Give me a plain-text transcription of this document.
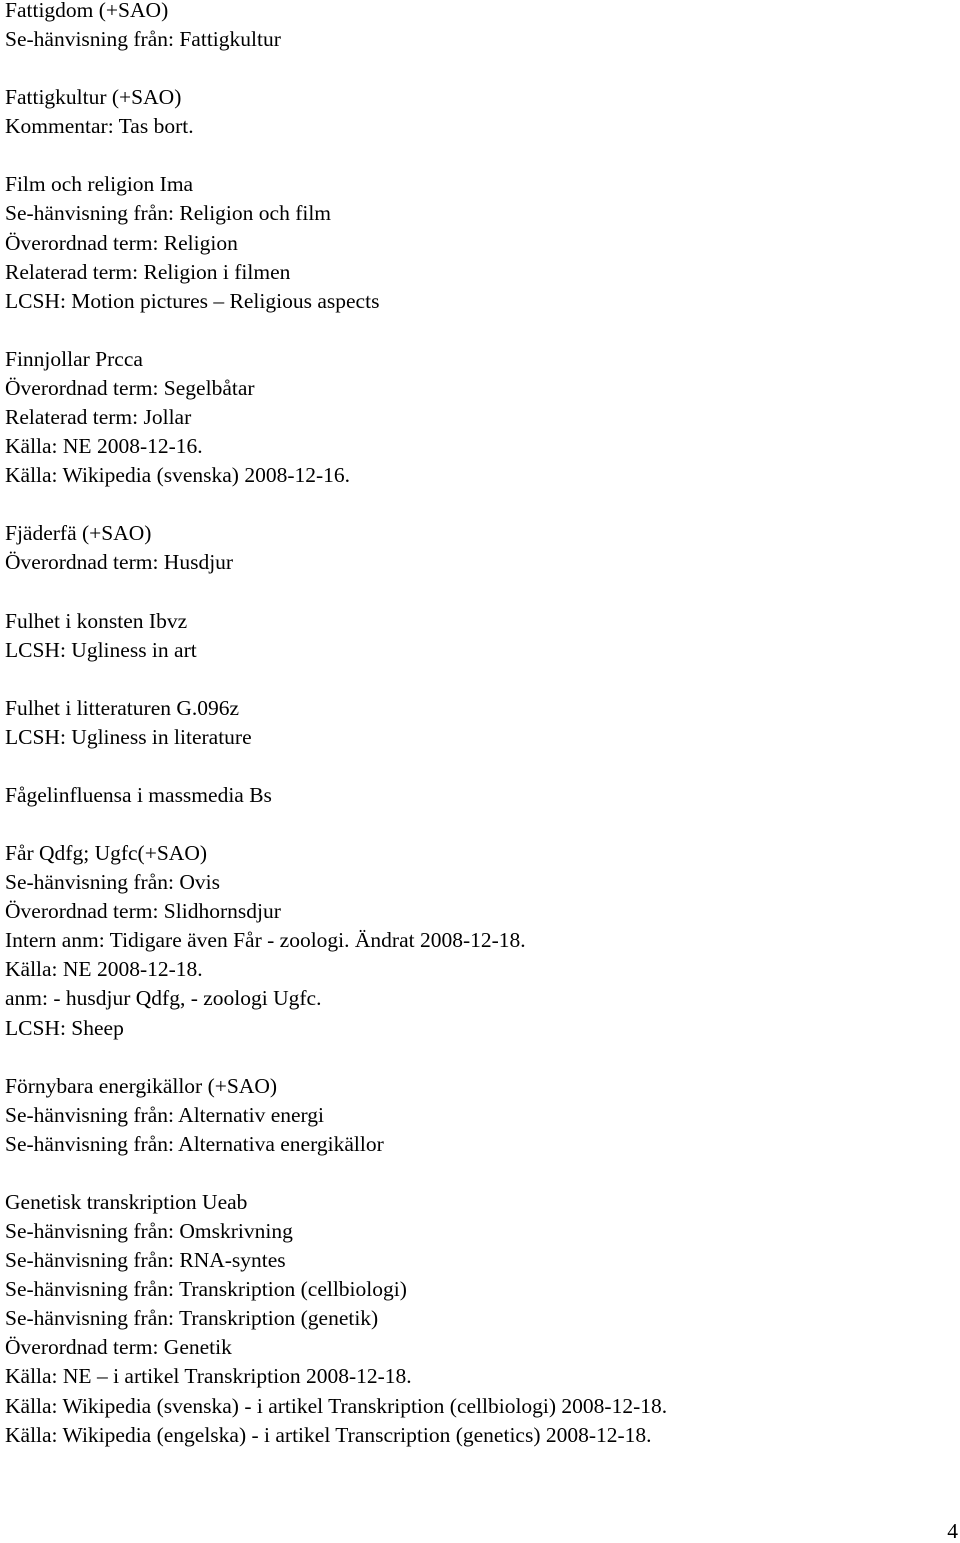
Fattigdom (+SAO)
Se-hänvisning från: Fattigkultur
Fattigkultur (+SAO)
Kommentar: Tas bort.
Film och religion Ima
Se-hänvisning från: Religion och film
Överordnad term: Religion
Relaterad term: Religion i filmen
LCSH: Motion pictures – Religious aspects
Finnjollar Prcca
Överordnad term: Segelbåtar
Relaterad term: Jollar
Källa: NE 2008-12-16.
Källa: Wikipedia (svenska) 2008-12-16.
Fjäderfä (+SAO)
Överordnad term: Husdjur
Fulhet i konsten Ibvz
LCSH: Ugliness in art
Fulhet i litteraturen G.096z
LCSH: Ugliness in literature
Fågelinfluensa i massmedia Bs
Får Qdfg; Ugfc(+SAO)
Se-hänvisning från: Ovis
Överordnad term: Slidhornsdjur
Intern anm: Tidigare även Får - zoologi. Ändrat 2008-12-18.
Källa: NE 2008-12-18.
anm: - husdjur Qdfg, - zoologi Ugfc.
LCSH: Sheep
Förnybara energikällor (+SAO)
Se-hänvisning från: Alternativ energi
Se-hänvisning från: Alternativa energikällor
Genetisk transkription Ueab
Se-hänvisning från: Omskrivning
Se-hänvisning från: RNA-syntes
Se-hänvisning från: Transkription (cellbiologi)
Se-hänvisning från: Transkription (genetik)
Överordnad term: Genetik
Källa: NE – i artikel Transkription 2008-12-18.
Källa: Wikipedia (svenska) - i artikel Transkription (cellbiologi) 2008-12-18.
Källa: Wikipedia (engelska) - i artikel Transcription (genetics) 2008-12-18.
4
